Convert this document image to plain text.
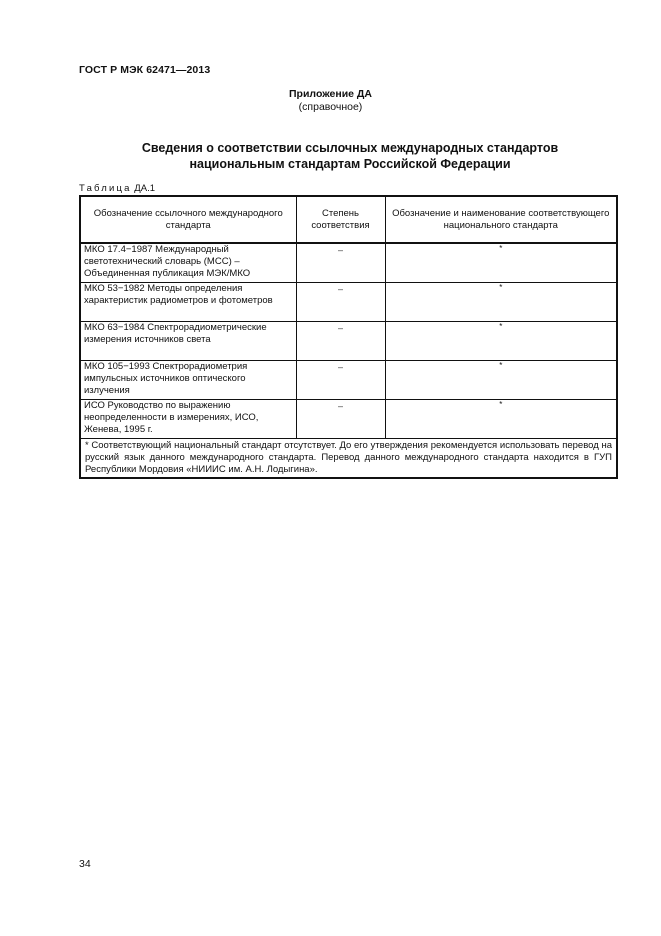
ГОСТ Р МЭК 62471—2013
Приложение ДА
(справочное)
Сведения о соответствии ссылочных международных стандартов
национальным стандартам Российской Федерации
Таблица ДА.1
Обозначение ссылочного международного стандарта	Степень соответствия	Обозначение и наименование соответствующего национального стандарта
МКО 17.4−1987 Международный светотехнический словарь (МСС) – Объединенная публикация МЭК/МКО	–	*
МКО 53−1982 Методы определения характеристик радиометров и фотометров	–	*
МКО 63−1984 Спектрорадиометрические измерения источников света	–	*
МКО 105−1993 Спектрорадиометрия импульсных источников оптического излучения	–	*
ИСО Руководство по выражению неопределенности в измерениях, ИСО, Женева, 1995 г.	–	*
* Соответствующий национальный стандарт отсутствует. До его утверждения рекомендуется использовать перевод на русский язык данного международного стандарта. Перевод данного международного стандарта находится в ГУП Республики Мордовия «НИИИС им. А.Н. Лодыгина».		
34
